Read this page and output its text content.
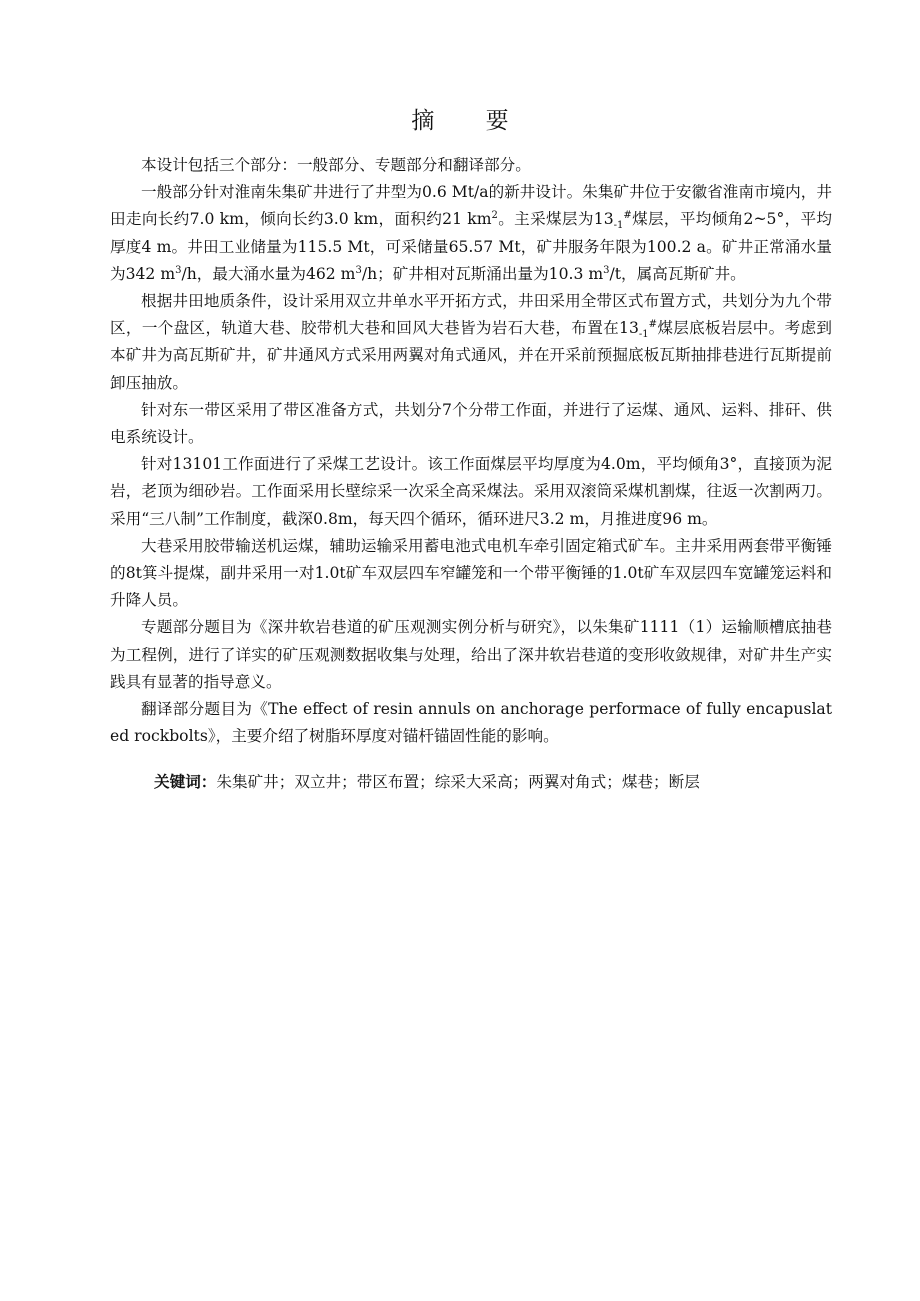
摘 要

本设计包括三个部分：一般部分、专题部分和翻译部分。

一般部分针对淮南朱集矿井进行了井型为0.6 Mt/a的新井设计。朱集矿井位于安徽省淮南市境内，井田走向长约7.0 km，倾向长约3.0 km，面积约21 $km^2$。主采煤层为$13_{-1}^{\#}$煤层，平均倾角2~5°，平均厚度4 m。井田工业储量为115.5 Mt，可采储量65.57 Mt，矿井服务年限为100.2 a。矿井正常涌水量为342 $m^3/h$，最大涌水量为462 $m^3/h$；矿井相对瓦斯涌出量为10.3 $m^3/t$，属高瓦斯矿井。

根据井田地质条件，设计采用双立井单水平开拓方式，井田采用全带区式布置方式，共划分为九个带区，一个盘区，轨道大巷、胶带机大巷和回风大巷皆为岩石大巷，布置在$13_{-1}^{\#}$煤层底板岩层中。考虑到本矿井为高瓦斯矿井，矿井通风方式采用两翼对角式通风，并在开采前预掘底板瓦斯抽排巷进行瓦斯提前卸压抽放。

针对东一带区采用了带区准备方式，共划分7个分带工作面，并进行了运煤、通风、运料、排矸、供电系统设计。

针对13101工作面进行了采煤工艺设计。该工作面煤层平均厚度为4.0m，平均倾角3°，直接顶为泥岩，老顶为细砂岩。工作面采用长壁综采一次采全高采煤法。采用双滚筒采煤机割煤，往返一次割两刀。采用“三八制”工作制度，截深0.8m，每天四个循环，循环进尺3.2 m，月推进度96 m。

大巷采用胶带输送机运煤，辅助运输采用蓄电池式电机车牵引固定箱式矿车。主井采用两套带平衡锤的8t箕斗提煤，副井采用一对1.0t矿车双层四车窄罐笼和一个带平衡锤的1.0t矿车双层四车宽罐笼运料和升降人员。

专题部分题目为《深井软岩巷道的矿压观测实例分析与研究》，以朱集矿1111（1）运输顺槽底抽巷为工程例，进行了详实的矿压观测数据收集与处理，给出了深井软岩巷道的变形收敛规律，对矿井生产实践具有显著的指导意义。

翻译部分题目为《The effect of resin annuls on anchorage performace of fully encapuslated rockbolts》，主要介绍了树脂环厚度对锚杆锚固性能的影响。

关键词：朱集矿井；双立井；带区布置；综采大采高；两翼对角式；煤巷；断层
